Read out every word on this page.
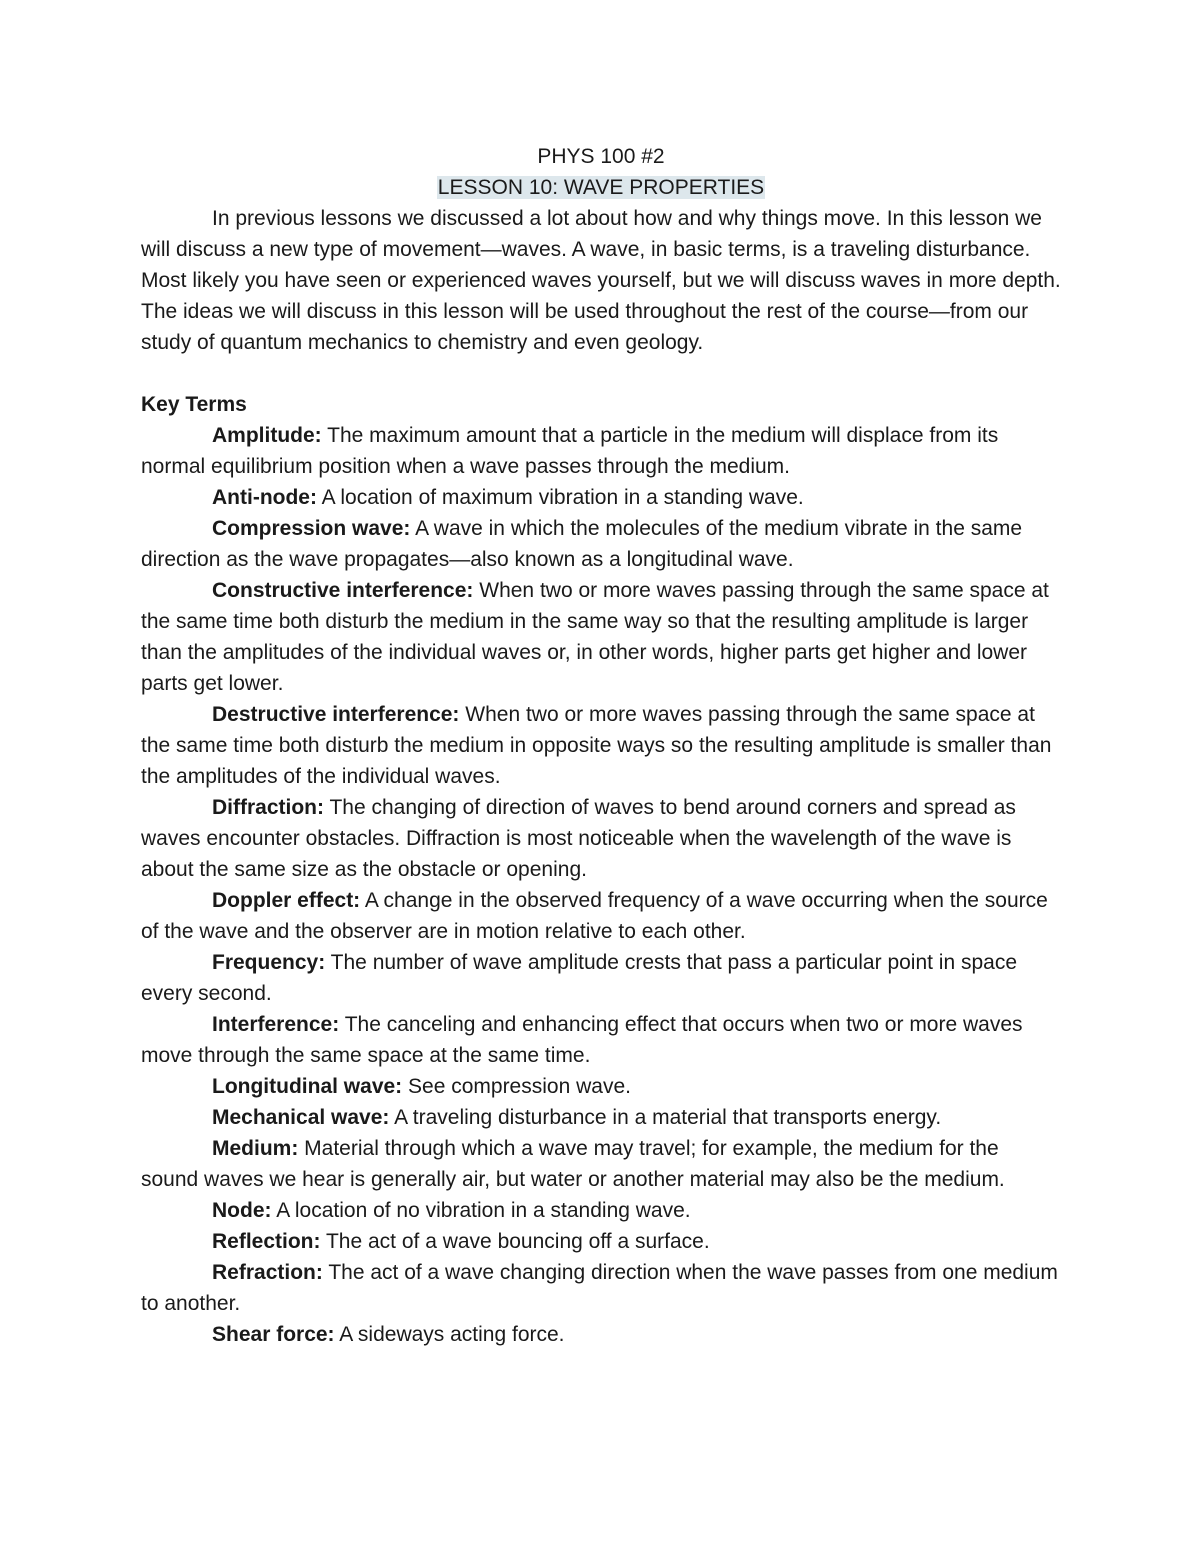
PHYS 100 #2

LESSON 10: WAVE PROPERTIES

In previous lessons we discussed a lot about how and why things move. In this lesson we will discuss a new type of movement—waves. A wave, in basic terms, is a traveling disturbance. Most likely you have seen or experienced waves yourself, but we will discuss waves in more depth. The ideas we will discuss in this lesson will be used throughout the rest of the course—from our study of quantum mechanics to chemistry and even geology.

Key Terms

Amplitude: The maximum amount that a particle in the medium will displace from its normal equilibrium position when a wave passes through the medium.

Anti-node: A location of maximum vibration in a standing wave.

Compression wave: A wave in which the molecules of the medium vibrate in the same direction as the wave propagates—also known as a longitudinal wave.

Constructive interference: When two or more waves passing through the same space at the same time both disturb the medium in the same way so that the resulting amplitude is larger than the amplitudes of the individual waves or, in other words, higher parts get higher and lower parts get lower.

Destructive interference: When two or more waves passing through the same space at the same time both disturb the medium in opposite ways so the resulting amplitude is smaller than the amplitudes of the individual waves.

Diffraction: The changing of direction of waves to bend around corners and spread as waves encounter obstacles. Diffraction is most noticeable when the wavelength of the wave is about the same size as the obstacle or opening.

Doppler effect: A change in the observed frequency of a wave occurring when the source of the wave and the observer are in motion relative to each other.

Frequency: The number of wave amplitude crests that pass a particular point in space every second.

Interference: The canceling and enhancing effect that occurs when two or more waves move through the same space at the same time.

Longitudinal wave: See compression wave.

Mechanical wave: A traveling disturbance in a material that transports energy.

Medium: Material through which a wave may travel; for example, the medium for the sound waves we hear is generally air, but water or another material may also be the medium.

Node: A location of no vibration in a standing wave.

Reflection: The act of a wave bouncing off a surface.

Refraction: The act of a wave changing direction when the wave passes from one medium to another.

Shear force: A sideways acting force.
